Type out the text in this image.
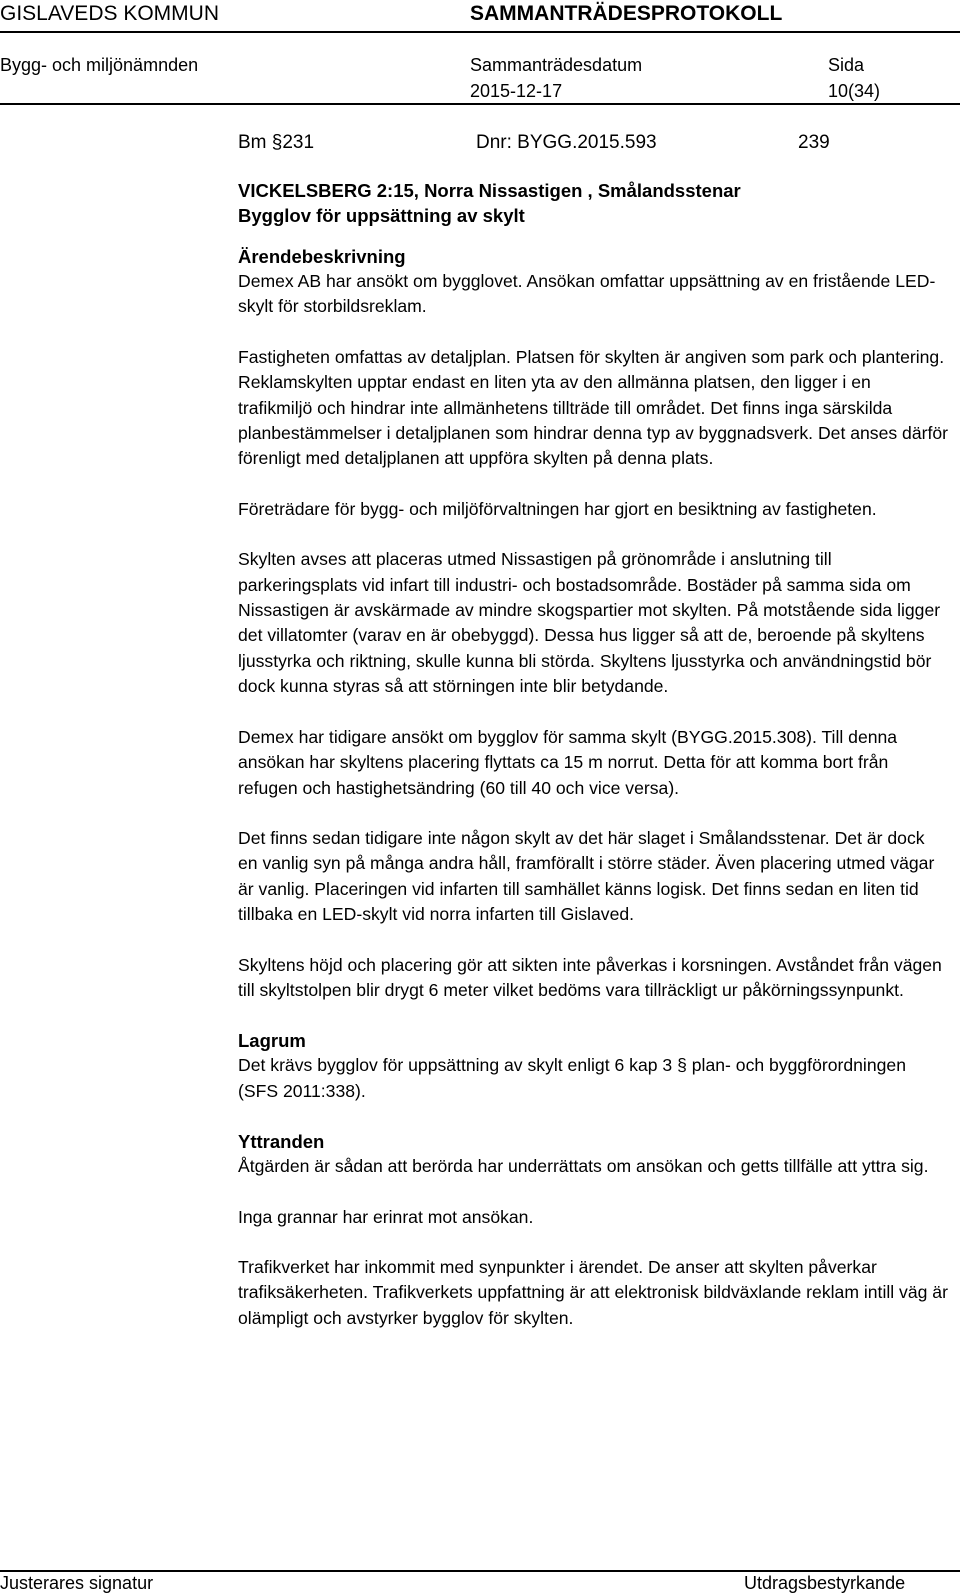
GISLAVEDS KOMMUN	SAMMANTRÄDESPROTOKOLL
Bygg- och miljönämnden	Sammanträdesdatum
2015-12-17
Sida
10(34)
Bm §231	Dnr: BYGG.2015.593	239

VICKELSBERG 2:15, Norra Nissastigen , Smålandsstenar

Bygglov för uppsättning av skylt

Ärendebeskrivning

Demex AB har ansökt om bygglovet. Ansökan omfattar uppsättning av en fristående LED-skylt för storbildsreklam.

Fastigheten omfattas av detaljplan. Platsen för skylten är angiven som park och plantering. Reklamskylten upptar endast en liten yta av den allmänna platsen, den ligger i en trafikmiljö och hindrar inte allmänhetens tillträde till området. Det finns inga särskilda planbestämmelser i detaljplanen som hindrar denna typ av byggnadsverk. Det anses därför förenligt med detaljplanen att uppföra skylten på denna plats.

Företrädare för bygg- och miljöförvaltningen har gjort en besiktning av fastigheten.

Skylten avses att placeras utmed Nissastigen på grönområde i anslutning till parkeringsplats vid infart till industri- och bostadsområde. Bostäder på samma sida om Nissastigen är avskärmade av mindre skogspartier mot skylten. På motstående sida ligger det villatomter (varav en är obebyggd). Dessa hus ligger så att de, beroende på skyltens ljusstyrka och riktning, skulle kunna bli störda. Skyltens ljusstyrka och användningstid bör dock kunna styras så att störningen inte blir betydande.

Demex har tidigare ansökt om bygglov för samma skylt (BYGG.2015.308). Till denna ansökan har skyltens placering flyttats ca 15 m norrut. Detta för att komma bort från refugen och hastighetsändring (60 till 40 och vice versa).

Det finns sedan tidigare inte någon skylt av det här slaget i Smålandsstenar. Det är dock en vanlig syn på många andra håll, framförallt i större städer. Även placering utmed vägar är vanlig. Placeringen vid infarten till samhället känns logisk. Det finns sedan en liten tid tillbaka en LED-skylt vid norra infarten till Gislaved.

Skyltens höjd och placering gör att sikten inte påverkas i korsningen. Avståndet från vägen till skyltstolpen blir drygt 6 meter vilket bedöms vara tillräckligt ur påkörningssynpunkt.

Lagrum

Det krävs bygglov för uppsättning av skylt enligt 6 kap 3 § plan- och byggförordningen (SFS 2011:338).

Yttranden

Åtgärden är sådan att berörda har underrättats om ansökan och getts tillfälle att yttra sig.

Inga grannar har erinrat mot ansökan.

Trafikverket har inkommit med synpunkter i ärendet. De anser att skylten påverkar trafiksäkerheten. Trafikverkets uppfattning är att elektronisk bildväxlande reklam intill väg är olämpligt och avstyrker bygglov för skylten.

Justerares signatur	Utdragsbestyrkande
